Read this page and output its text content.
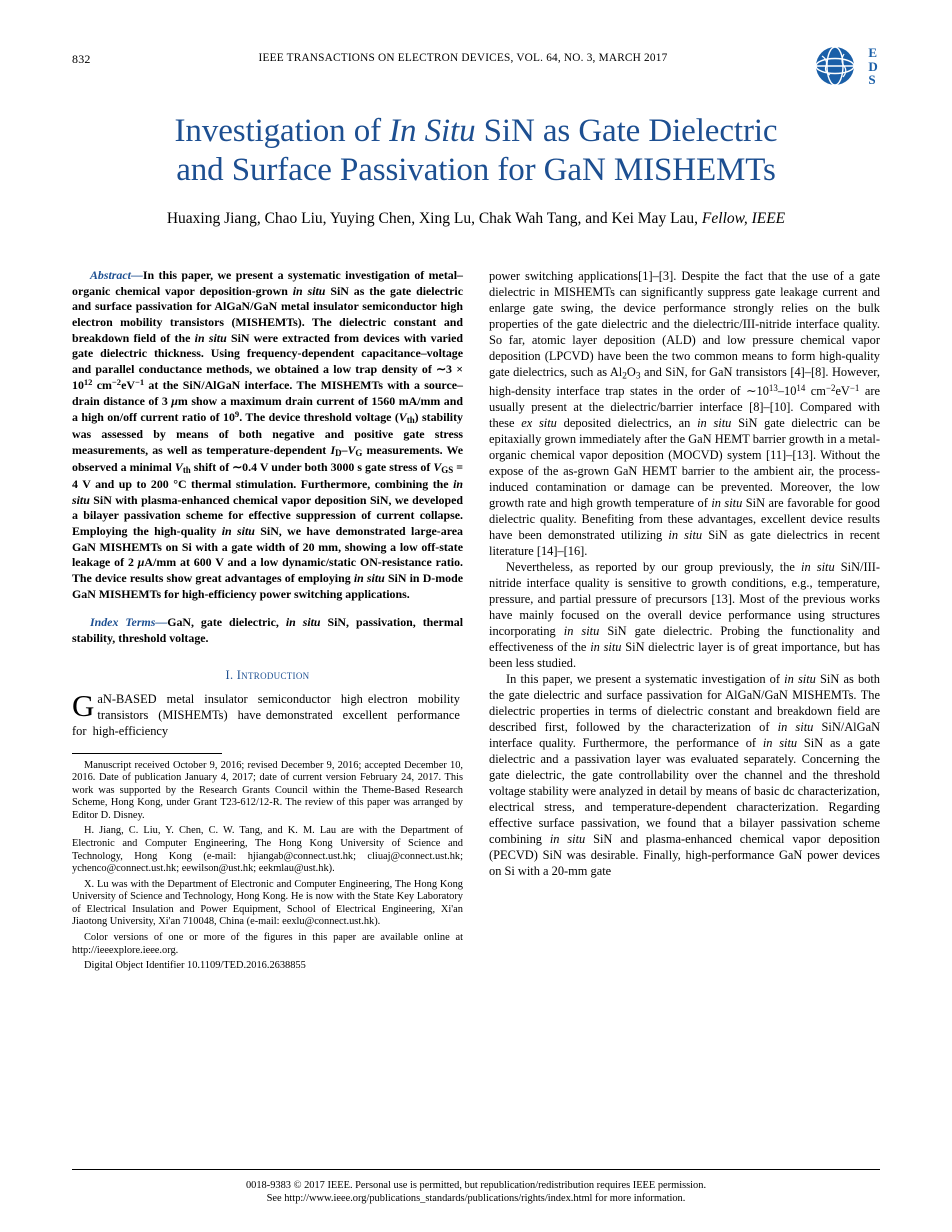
832	IEEE TRANSACTIONS ON ELECTRON DEVICES, VOL. 64, NO. 3, MARCH 2017	E
D
S
Investigation of In Situ SiN as Gate Dielectric
and Surface Passivation for GaN MISHEMTs
Huaxing Jiang, Chao Liu, Yuying Chen, Xing Lu, Chak Wah Tang, and Kei May Lau, Fellow, IEEE
Abstract—In this paper, we present a systematic investigation of metal–organic chemical vapor deposition-grown in situ SiN as the gate dielectric and surface passivation for AlGaN/GaN metal insulator semiconductor high electron mobility transistors (MISHEMTs). The dielectric constant and breakdown field of the in situ SiN were extracted from devices with varied gate dielectric thickness. Using frequency-dependent capacitance–voltage and parallel conductance methods, we obtained a low trap density of ∼3 × $10^{12}$ $cm^{-2}eV^{-1}$ at the SiN/AlGaN interface. The MISHEMTs with a source–drain distance of 3 μm show a maximum drain current of 1560 mA/mm and a high on/off current ratio of $10^9$. The device threshold voltage $(V_{th})$ stability was assessed by means of both negative and positive gate stress measurements, as well as temperature-dependent $I_D-V_G$ measurements. We observed a minimal $V_{th}$ shift of ∼0.4 V under both 3000 s gate stress of $V_{GS} = 4$ V and up to 200 °C thermal stimulation. Furthermore, combining the in situ SiN with plasma-enhanced chemical vapor deposition SiN, we developed a bilayer passivation scheme for effective suppression of current collapse. Employing the high-quality in situ SiN, we have demonstrated large-area GaN MISHEMTs on Si with a gate width of 20 mm, showing a low off-state leakage of 2 μA/mm at 600 V and a low dynamic/static ON-resistance ratio. The device results show great advantages of employing in situ SiN in D-mode GaN MISHEMTs for high-efficiency power switching applications.
Index Terms—GaN, gate dielectric, in situ SiN, passivation, thermal stability, threshold voltage.
I. Introduction

GaN-BASED  metal  insulator  semiconductor  high electron  mobility  transistors  (MISHEMTs)  have demonstrated  excellent  performance  for  high-efficiency

Manuscript received October 9, 2016; revised December 9, 2016; accepted December 10, 2016. Date of publication January 4, 2017; date of current version February 24, 2017. This work was supported by the Research Grants Council within the Theme-Based Research Scheme, Hong Kong, under Grant T23-612/12-R. The review of this paper was arranged by Editor D. Disney.

H. Jiang, C. Liu, Y. Chen, C. W. Tang, and K. M. Lau are with the Department of Electronic and Computer Engineering, The Hong Kong University of Science and Technology, Hong Kong (e-mail: hjiangab@connect.ust.hk; cliuaj@connect.ust.hk; ychenco@connect.ust.hk; eewilson@ust.hk; eekmlau@ust.hk).

X. Lu was with the Department of Electronic and Computer Engineering, The Hong Kong University of Science and Technology, Hong Kong. He is now with the State Key Laboratory of Electrical Insulation and Power Equipment, School of Electrical Engineering, Xi'an Jiaotong University, Xi'an 710048, China (e-mail: eexlu@connect.ust.hk).

Color versions of one or more of the figures in this paper are available online at http://ieeexplore.ieee.org.

Digital Object Identifier 10.1109/TED.2016.2638855

power switching applications[1]–[3]. Despite the fact that the use of a gate dielectric in MISHEMTs can significantly suppress gate leakage current and enlarge gate swing, the device performance strongly relies on the bulk properties of the gate dielectric and the dielectric/III-nitride interface quality. So far, atomic layer deposition (ALD) and low pressure chemical vapor deposition (LPCVD) have been the two common means to form high-quality gate dielectrics, such as $Al_2O_3$ and SiN, for GaN transistors [4]–[8]. However, high-density interface trap states in the order of $\sim 10^{13}-10^{14}$ $cm^{-2}eV^{-1}$ are usually present at the dielectric/barrier interface [8]–[10]. Compared with these ex situ deposited dielectrics, an in situ SiN gate dielectric can be epitaxially grown immediately after the GaN HEMT barrier growth in a metal-organic chemical vapor deposition (MOCVD) system [11]–[13]. Without the expose of the as-grown GaN HEMT barrier to the ambient air, the process-induced contamination or damage can be prevented. Moreover, the low growth rate and high growth temperature of in situ SiN are favorable for good dielectric quality. Benefiting from these advantages, excellent device results have been demonstrated utilizing in situ SiN as gate dielectrics in recent literature [14]–[16].

Nevertheless, as reported by our group previously, the in situ SiN/III-nitride interface quality is sensitive to growth conditions, e.g., temperature, pressure, and partial pressure of precursors [13]. Most of the previous works have mainly focused on the overall device performance using structures incorporating in situ SiN gate dielectric. Probing the functionality and effectiveness of the in situ SiN dielectric layer is of great importance, but has been less studied.

In this paper, we present a systematic investigation of in situ SiN as both the gate dielectric and surface passivation for AlGaN/GaN MISHEMTs. The dielectric properties in terms of dielectric constant and breakdown field are described first, followed by the characterization of in situ SiN/AlGaN interface quality. Furthermore, the performance of in situ SiN as a gate dielectric and a passivation layer was evaluated separately. Concerning the gate dielectric, the gate controllability over the channel and the threshold voltage stability were analyzed in detail by means of basic dc characterization, electrical stress, and temperature-dependent characterization. Regarding effective surface passivation, we found that a bilayer passivation scheme combining in situ SiN and plasma-enhanced chemical vapor deposition (PECVD) SiN was desirable. Finally, high-performance GaN power devices on Si with a 20-mm gate

0018-9383 © 2017 IEEE. Personal use is permitted, but republication/redistribution requires IEEE permission.
See http://www.ieee.org/publications_standards/publications/rights/index.html for more information.
